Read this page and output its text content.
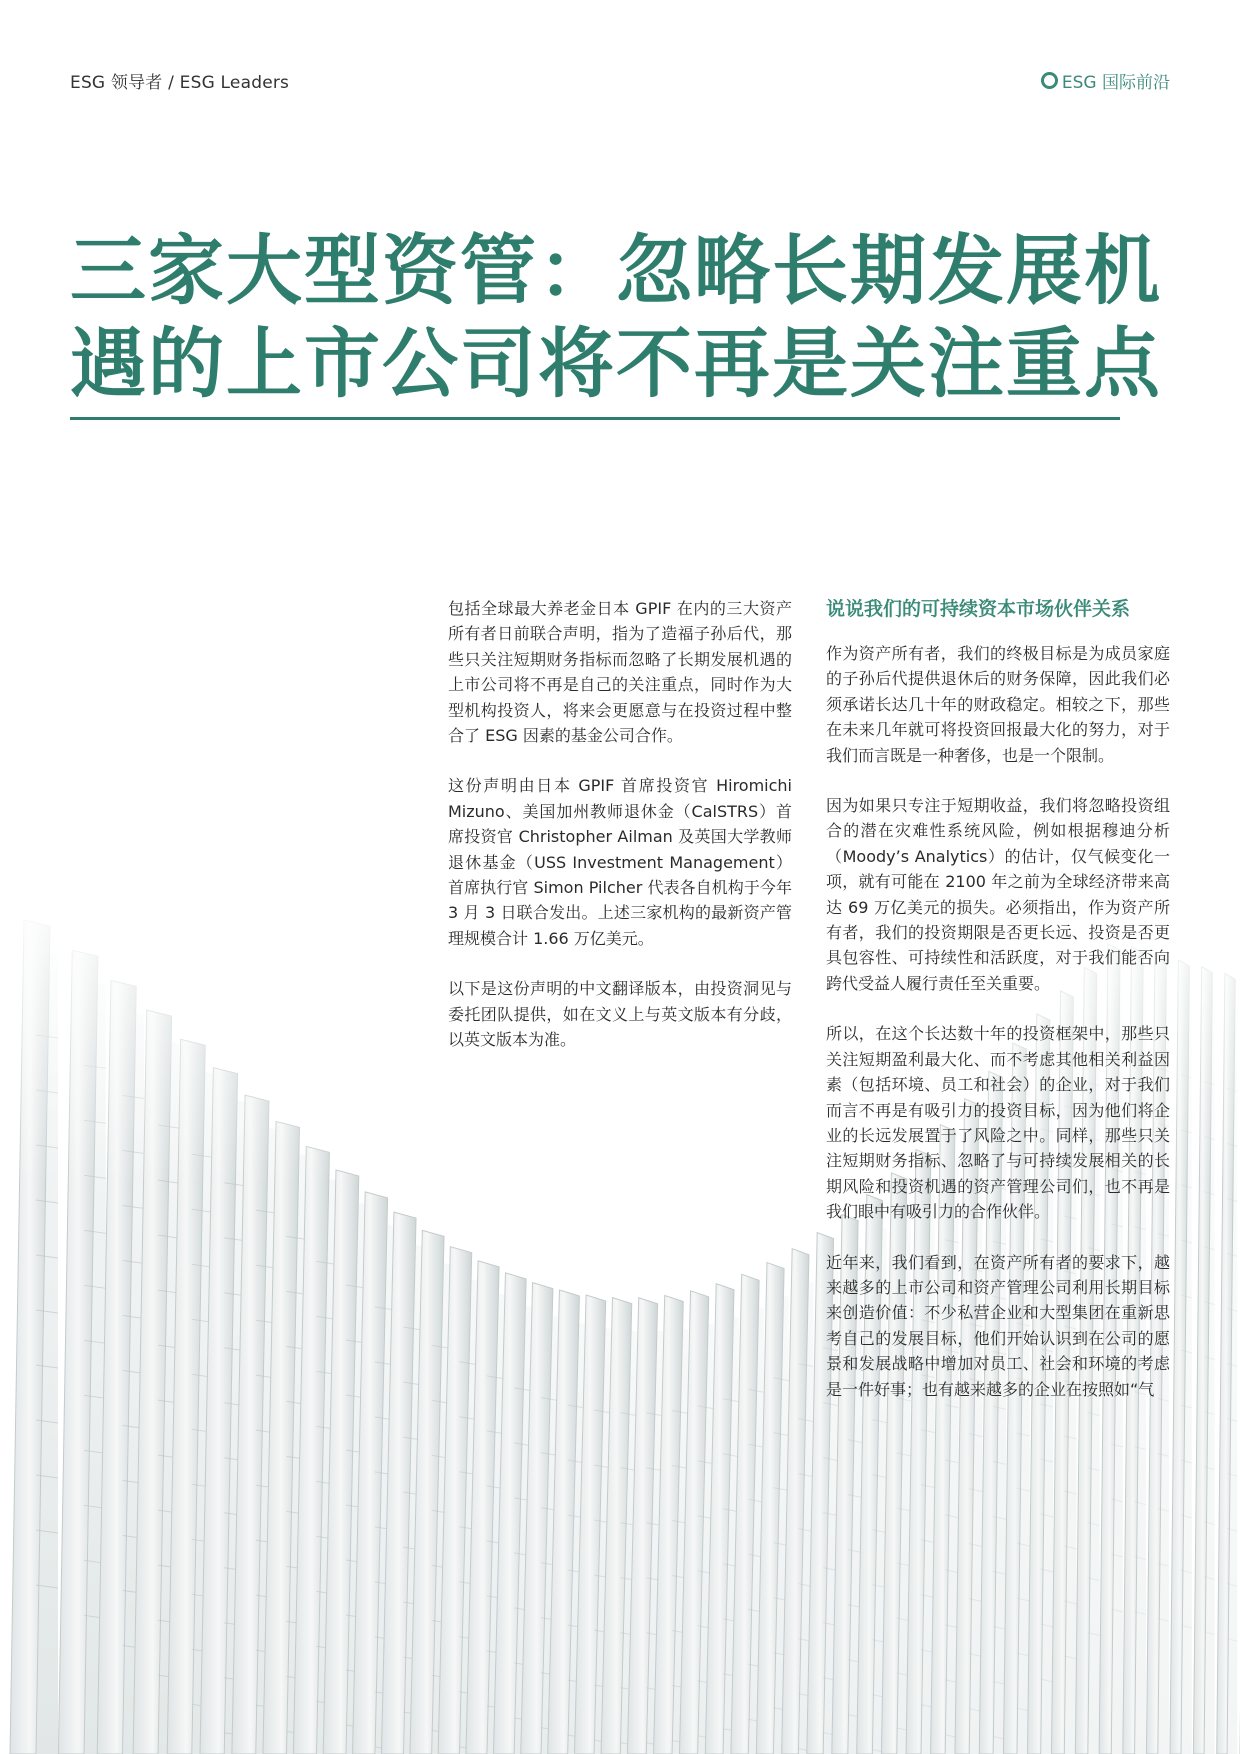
ESG 领导者 / ESG Leaders	ESG 国际前沿
三家大型资管：忽略长期发展机
遇的上市公司将不再是关注重点

包括全球最大养老金日本 GPIF 在内的三大资产所有者日前联合声明，指为了造福子孙后代，那些只关注短期财务指标而忽略了长期发展机遇的上市公司将不再是自己的关注重点，同时作为大型机构投资人，将来会更愿意与在投资过程中整合了 ESG 因素的基金公司合作。

这份声明由日本 GPIF 首席投资官 Hiromichi Mizuno、美国加州教师退休金（CalSTRS）首席投资官 Christopher Ailman 及英国大学教师退休基金（USS Investment Management）首席执行官 Simon Pilcher 代表各自机构于今年 3 月 3 日联合发出。上述三家机构的最新资产管理规模合计 1.66 万亿美元。

以下是这份声明的中文翻译版本，由投资洞见与委托团队提供，如在文义上与英文版本有分歧，以英文版本为准。

说说我们的可持续资本市场伙伴关系

作为资产所有者，我们的终极目标是为成员家庭的子孙后代提供退休后的财务保障，因此我们必须承诺长达几十年的财政稳定。相较之下，那些在未来几年就可将投资回报最大化的努力，对于我们而言既是一种奢侈，也是一个限制。

因为如果只专注于短期收益，我们将忽略投资组合的潜在灾难性系统风险，例如根据穆迪分析（Moody’s Analytics）的估计，仅气候变化一项，就有可能在 2100 年之前为全球经济带来高达 69 万亿美元的损失。必须指出，作为资产所有者，我们的投资期限是否更长远、投资是否更具包容性、可持续性和活跃度，对于我们能否向跨代受益人履行责任至关重要。

所以，在这个长达数十年的投资框架中，那些只关注短期盈利最大化、而不考虑其他相关利益因素（包括环境、员工和社会）的企业，对于我们而言不再是有吸引力的投资目标，因为他们将企业的长远发展置于了风险之中。同样，那些只关注短期财务指标、忽略了与可持续发展相关的长期风险和投资机遇的资产管理公司们，也不再是我们眼中有吸引力的合作伙伴。

近年来，我们看到，在资产所有者的要求下，越来越多的上市公司和资产管理公司利用长期目标来创造价值：不少私营企业和大型集团在重新思考自己的发展目标，他们开始认识到在公司的愿景和发展战略中增加对员工、社会和环境的考虑是一件好事；也有越来越多的企业在按照如“气
